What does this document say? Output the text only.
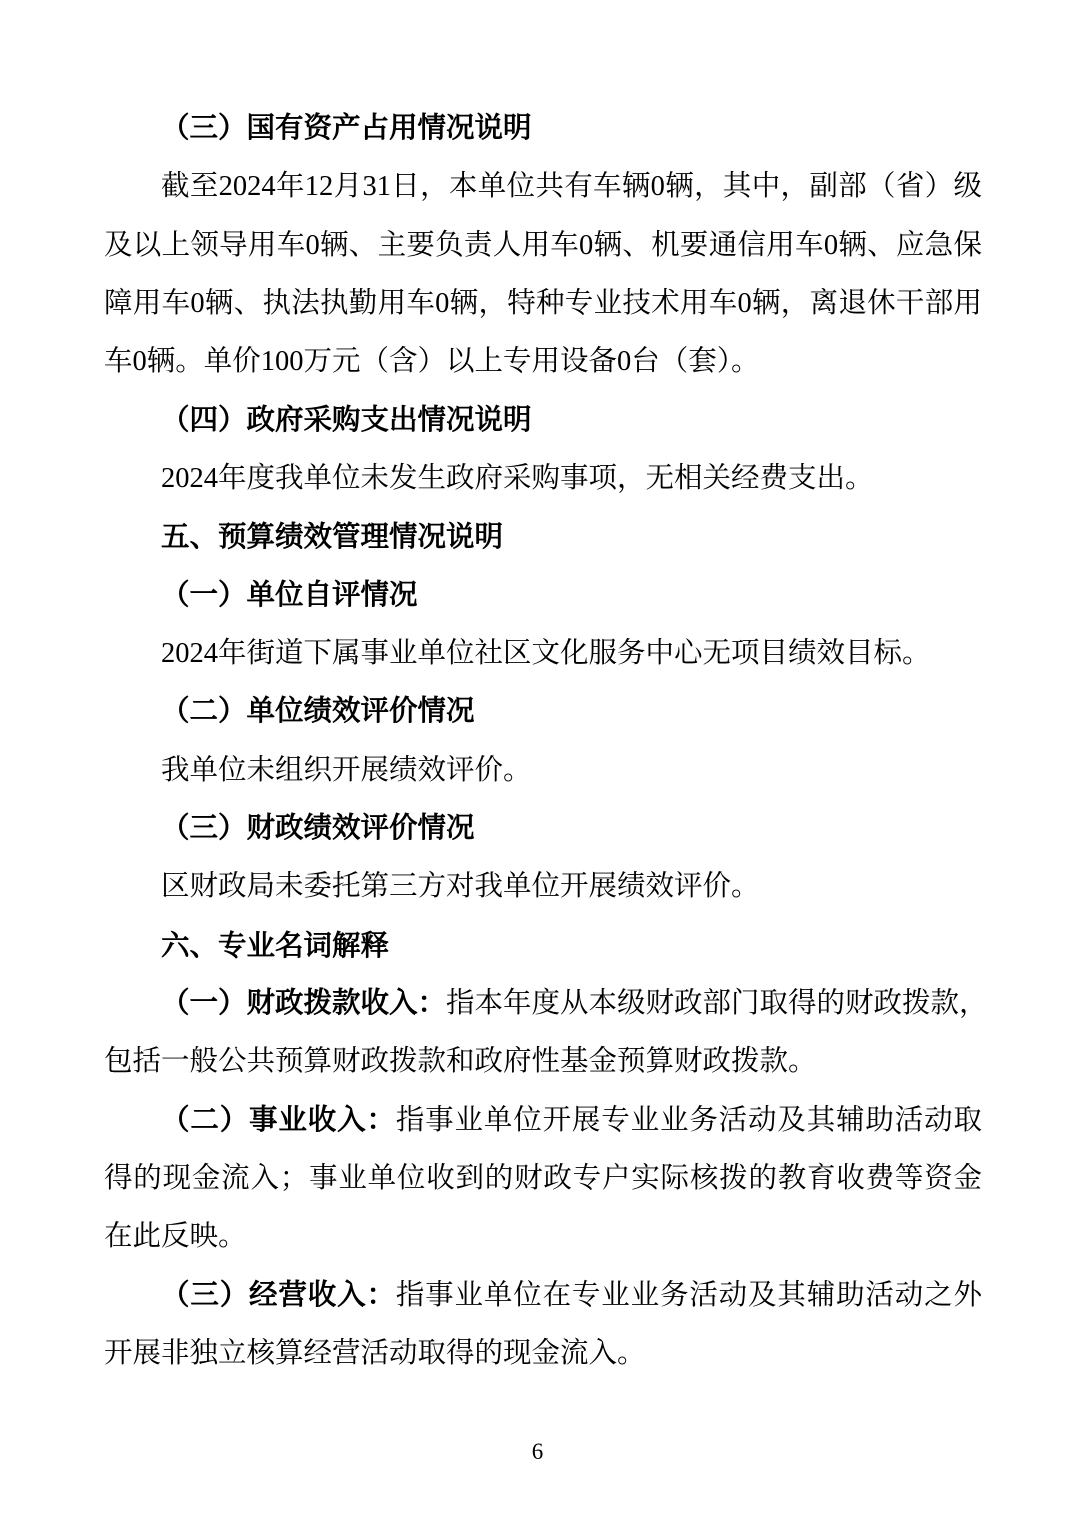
（三）国有资产占用情况说明
截至2024年12月31日，本单位共有车辆0辆，其中，副部（省）级
及以上领导用车0辆、主要负责人用车0辆、机要通信用车0辆、应急保
障用车0辆、执法执勤用车0辆，特种专业技术用车0辆，离退休干部用
车0辆。单价100万元（含）以上专用设备0台（套）。
（四）政府采购支出情况说明
2024年度我单位未发生政府采购事项，无相关经费支出。
五、预算绩效管理情况说明
（一）单位自评情况
2024年街道下属事业单位社区文化服务中心无项目绩效目标。
（二）单位绩效评价情况
我单位未组织开展绩效评价。
（三）财政绩效评价情况
区财政局未委托第三方对我单位开展绩效评价。
六、专业名词解释
（一）财政拨款收入：指本年度从本级财政部门取得的财政拨款，
包括一般公共预算财政拨款和政府性基金预算财政拨款。
（二）事业收入：指事业单位开展专业业务活动及其辅助活动取
得的现金流入；事业单位收到的财政专户实际核拨的教育收费等资金
在此反映。
（三）经营收入：指事业单位在专业业务活动及其辅助活动之外
开展非独立核算经营活动取得的现金流入。
6
